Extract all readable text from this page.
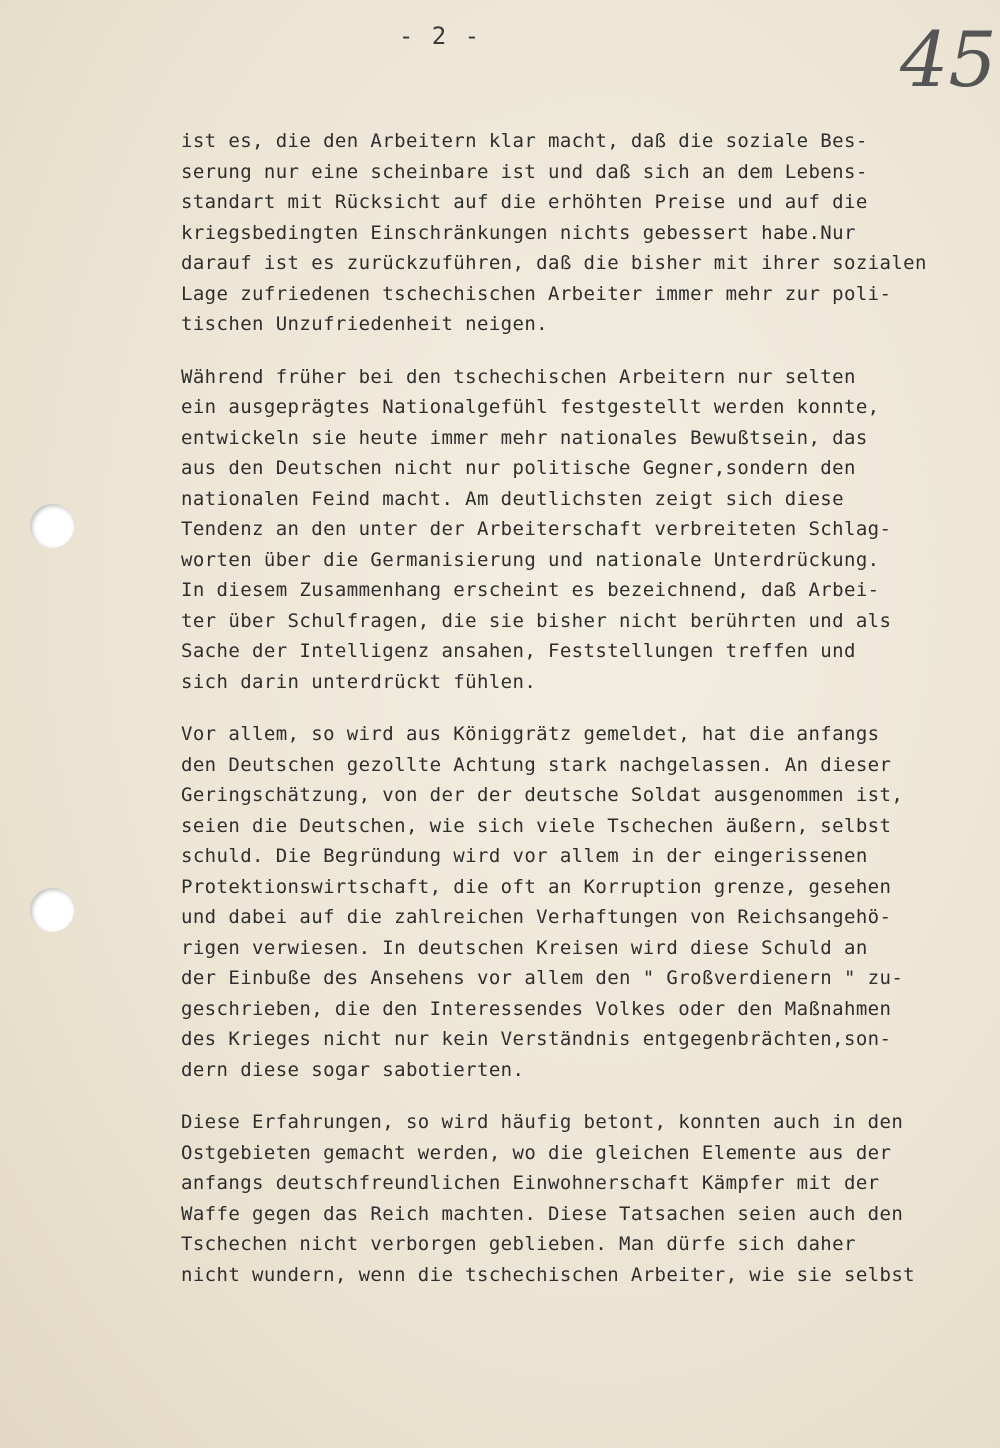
- 2 -	45
ist es, die den Arbeitern klar macht, daß die soziale Bes-
serung nur eine scheinbare ist und daß sich an dem Lebens-
standart mit Rücksicht auf die erhöhten Preise und auf die
kriegsbedingten Einschränkungen nichts gebessert habe.Nur
darauf ist es zurückzuführen, daß die bisher mit ihrer sozialen
Lage zufriedenen tschechischen Arbeiter immer mehr zur poli-
tischen Unzufriedenheit neigen.
Während früher bei den tschechischen Arbeitern nur selten
ein ausgeprägtes Nationalgefühl festgestellt werden konnte,
entwickeln sie heute immer mehr nationales Bewußtsein, das
aus den Deutschen nicht nur politische Gegner,sondern den
nationalen Feind macht. Am deutlichsten zeigt sich diese
Tendenz an den unter der Arbeiterschaft verbreiteten Schlag-
worten über die Germanisierung und nationale Unterdrückung.
In diesem Zusammenhang erscheint es bezeichnend, daß Arbei-
ter über Schulfragen, die sie bisher nicht berührten und als
Sache der Intelligenz ansahen, Feststellungen treffen und
sich darin unterdrückt fühlen.
Vor allem, so wird aus Königgrätz gemeldet, hat die anfangs
den Deutschen gezollte Achtung stark nachgelassen. An dieser
Geringschätzung, von der der deutsche Soldat ausgenommen ist,
seien die Deutschen, wie sich viele Tschechen äußern, selbst
schuld. Die Begründung wird vor allem in der eingerissenen
Protektionswirtschaft, die oft an Korruption grenze, gesehen
und dabei auf die zahlreichen Verhaftungen von Reichsangehö-
rigen verwiesen. In deutschen Kreisen wird diese Schuld an
der Einbuße des Ansehens vor allem den " Großverdienern " zu-
geschrieben, die den Interessendes Volkes oder den Maßnahmen
des Krieges nicht nur kein Verständnis entgegenbrächten,son-
dern diese sogar sabotierten.
Diese Erfahrungen, so wird häufig betont, konnten auch in den
Ostgebieten gemacht werden, wo die gleichen Elemente aus der
anfangs deutschfreundlichen Einwohnerschaft Kämpfer mit der
Waffe gegen das Reich machten. Diese Tatsachen seien auch den
Tschechen nicht verborgen geblieben. Man dürfe sich daher
nicht wundern, wenn die tschechischen Arbeiter, wie sie selbst
